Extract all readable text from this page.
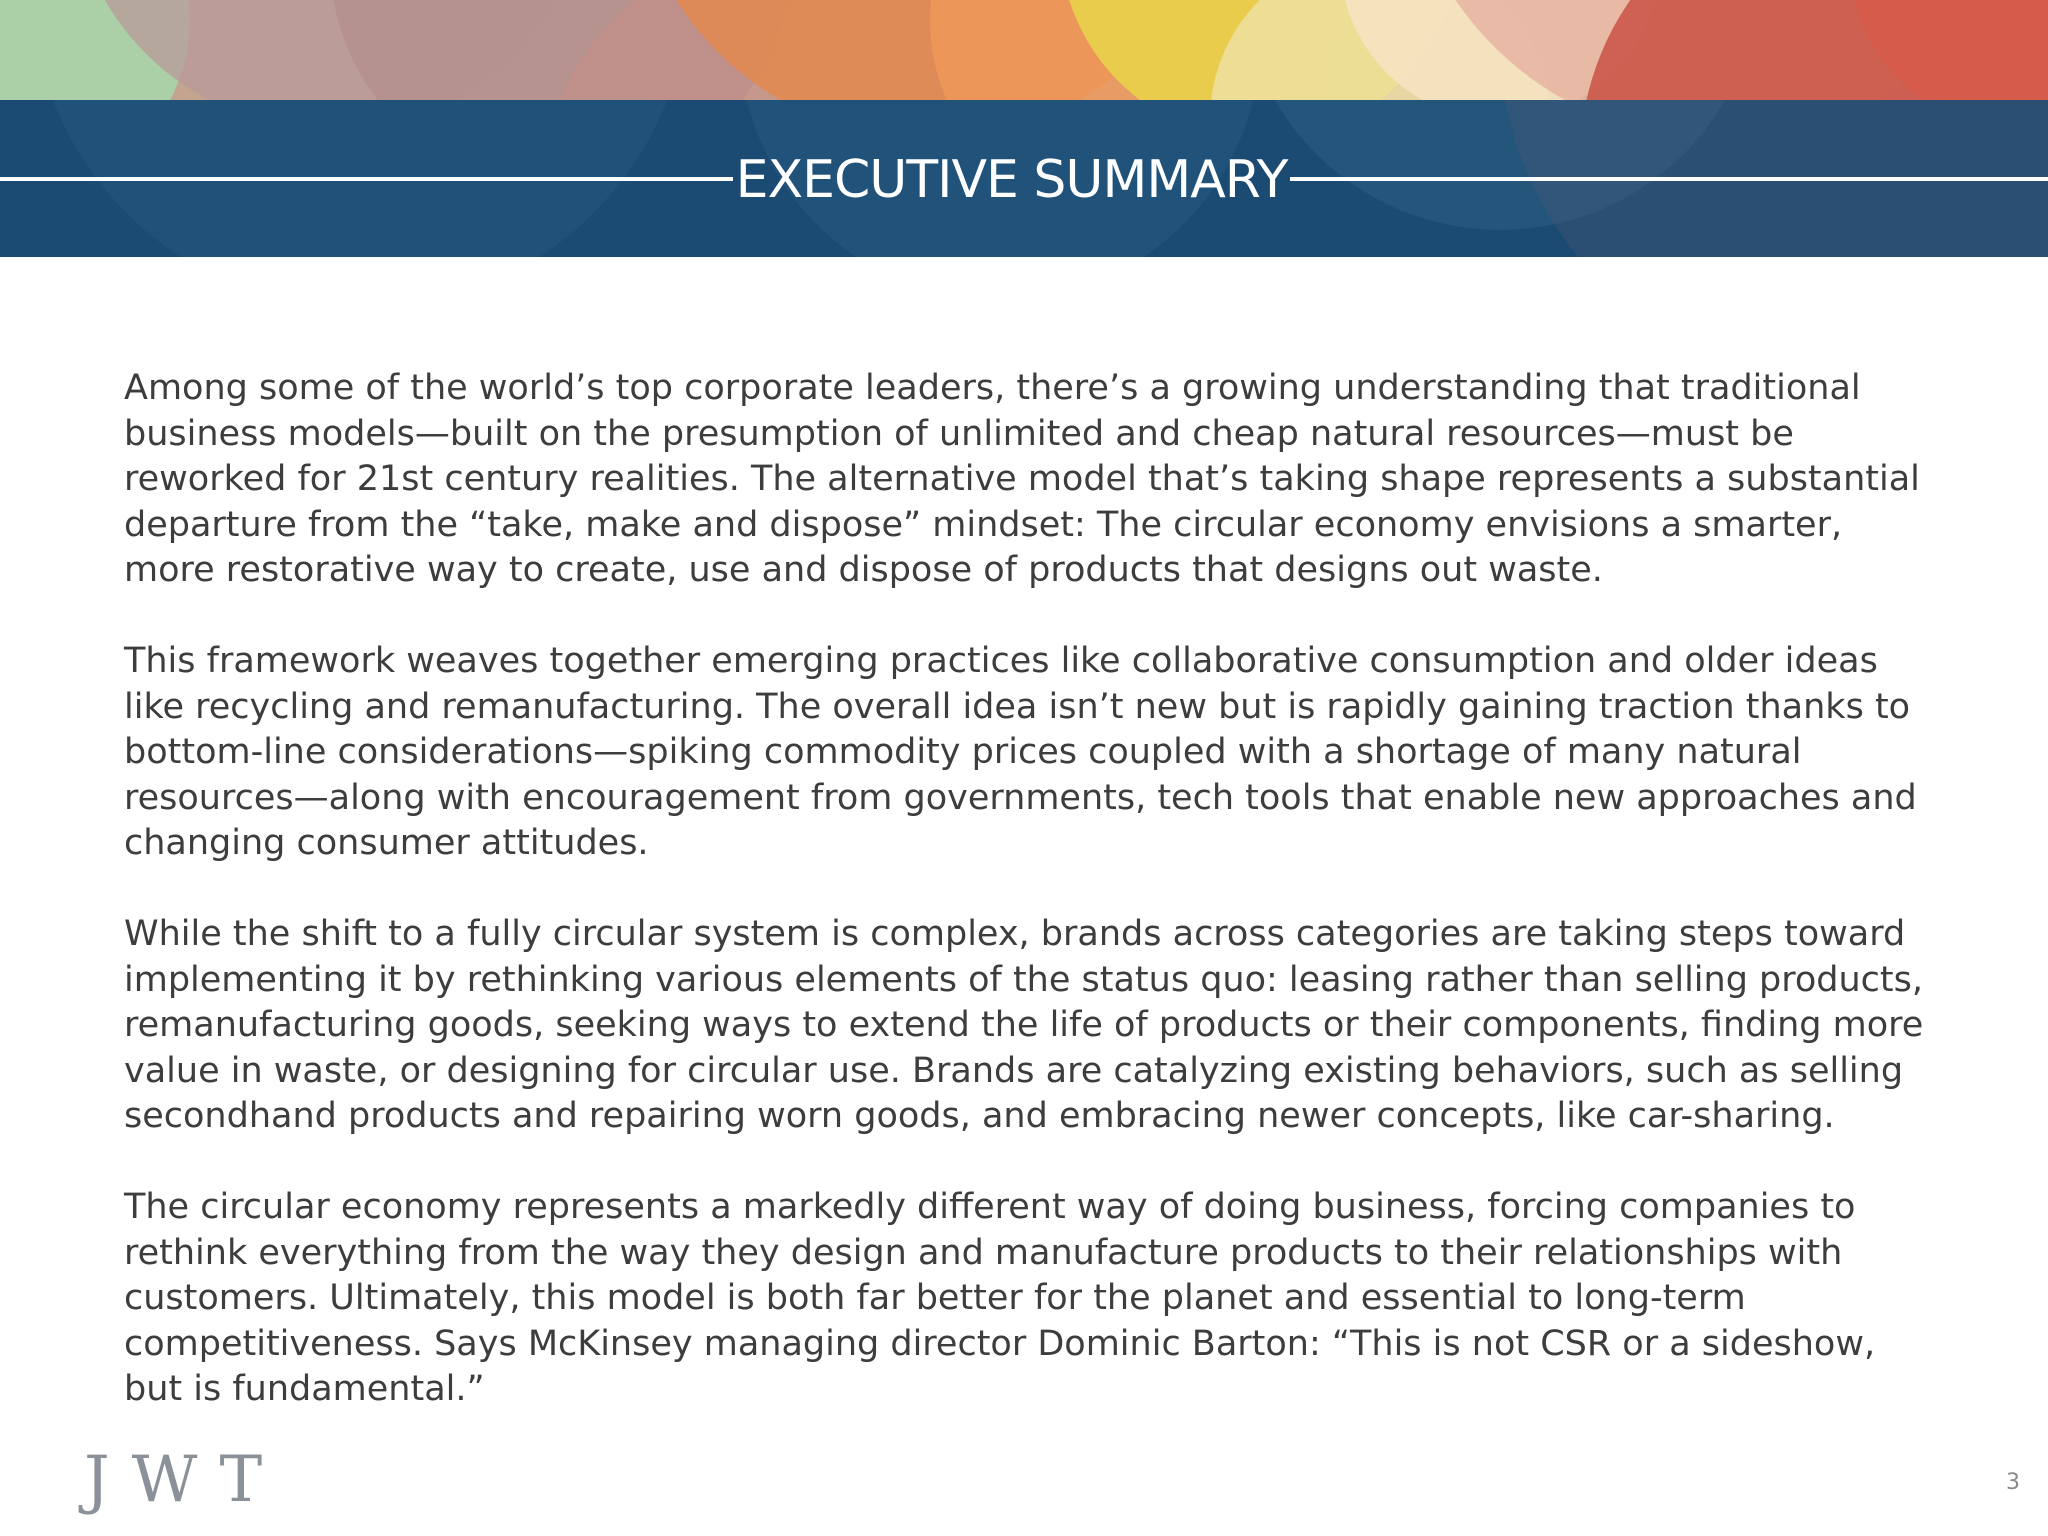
EXECUTIVE SUMMARY

Among some of the world’s top corporate leaders, there’s a growing understanding that traditional business models—built on the presumption of unlimited and cheap natural resources—must be reworked for 21st century realities. The alternative model that’s taking shape represents a substantial departure from the “take, make and dispose” mindset: The circular economy envisions a smarter, more restorative way to create, use and dispose of products that designs out waste.

This framework weaves together emerging practices like collaborative consumption and older ideas like recycling and remanufacturing. The overall idea isn’t new but is rapidly gaining traction thanks to bottom-line considerations—spiking commodity prices coupled with a shortage of many natural resources—along with encouragement from governments, tech tools that enable new approaches and changing consumer attitudes.

While the shift to a fully circular system is complex, brands across categories are taking steps toward implementing it by rethinking various elements of the status quo: leasing rather than selling products, remanufacturing goods, seeking ways to extend the life of products or their components, finding more value in waste, or designing for circular use. Brands are catalyzing existing behaviors, such as selling secondhand products and repairing worn goods, and embracing newer concepts, like car-sharing.

The circular economy represents a markedly different way of doing business, forcing companies to rethink everything from the way they design and manufacture products to their relationships with customers. Ultimately, this model is both far better for the planet and essential to long-term competitiveness. Says McKinsey managing director Dominic Barton: “This is not CSR or a sideshow, but is fundamental.”

JWT	3
